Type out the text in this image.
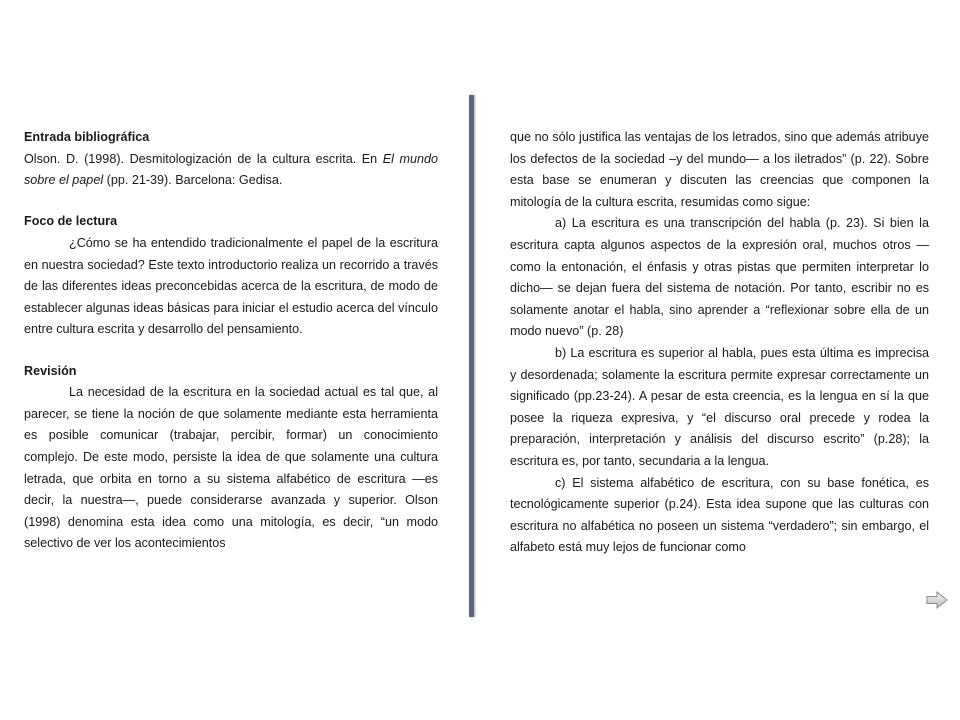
Entrada bibliográfica

Olson. D. (1998). Desmitologización de la cultura escrita. En El mundo sobre el papel (pp. 21-39). Barcelona: Gedisa.

Foco de lectura

¿Cómo se ha entendido tradicionalmente el papel de la escritura en nuestra sociedad? Este texto introductorio realiza un recorrido a través de las diferentes ideas preconcebidas acerca de la escritura, de modo de establecer algunas ideas básicas para iniciar el estudio acerca del vínculo entre cultura escrita y desarrollo del pensamiento.

Revisión

La necesidad de la escritura en la sociedad actual es tal que, al parecer, se tiene la noción de que solamente mediante esta herramienta es posible comunicar (trabajar, percibir, formar) un conocimiento complejo. De este modo, persiste la idea de que solamente una cultura letrada, que orbita en torno a su sistema alfabético de escritura —es decir, la nuestra—, puede considerarse avanzada y superior. Olson (1998) denomina esta idea como una mitología, es decir, “un modo selectivo de ver los acontecimientos

que no sólo justifica las ventajas de los letrados, sino que además atribuye los defectos de la sociedad –y del mundo— a los iletrados” (p. 22). Sobre esta base se enumeran y discuten las creencias que componen la mitología de la cultura escrita, resumidas como sigue:

a) La escritura es una transcripción del habla (p. 23). Si bien la escritura capta algunos aspectos de la expresión oral, muchos otros —como la entonación, el énfasis y otras pistas que permiten interpretar lo dicho— se dejan fuera del sistema de notación. Por tanto, escribir no es solamente anotar el habla, sino aprender a “reflexionar sobre ella de un modo nuevo” (p. 28)

b) La escritura es superior al habla, pues esta última es imprecisa y desordenada; solamente la escritura permite expresar correctamente un significado (pp.23-24). A pesar de esta creencia, es la lengua en sí la que posee la riqueza expresiva, y “el discurso oral precede y rodea la preparación, interpretación y análisis del discurso escrito” (p.28); la escritura es, por tanto, secundaria a la lengua.

c) El sistema alfabético de escritura, con su base fonética, es tecnológicamente superior (p.24). Esta idea supone que las culturas con escritura no alfabética no poseen un sistema “verdadero”; sin embargo, el alfabeto está muy lejos de funcionar como
